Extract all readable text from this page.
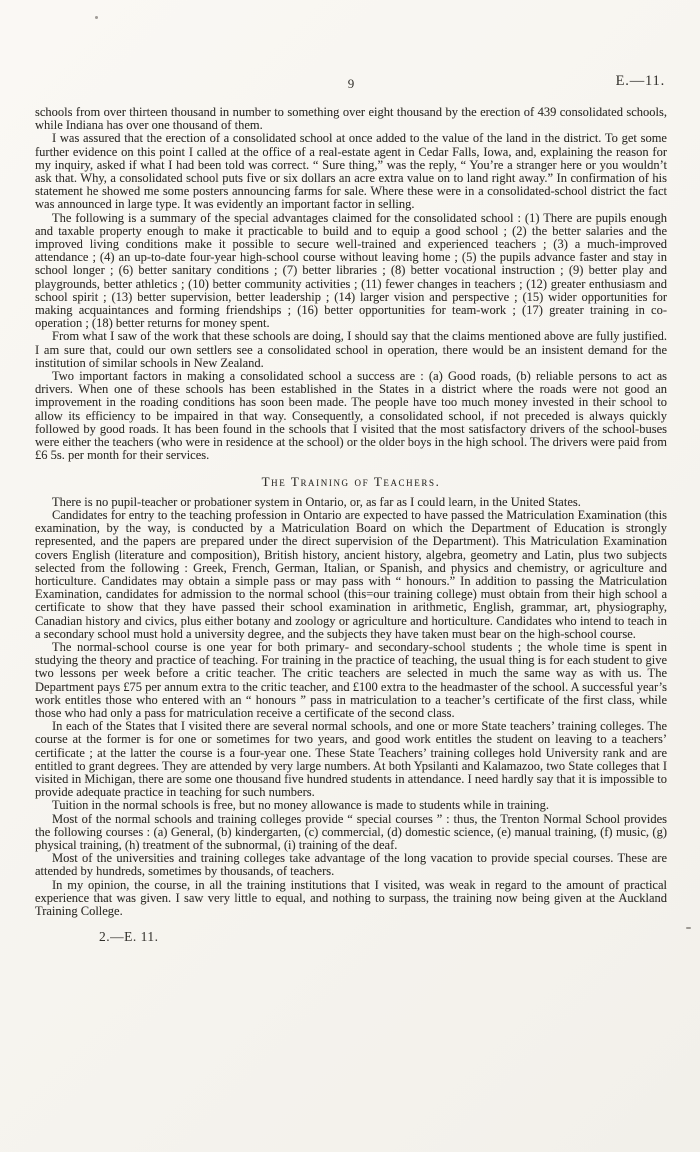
9	E.—11.

schools from over thirteen thousand in number to something over eight thousand by the erection of 439 consolidated schools, while Indiana has over one thousand of them.

I was assured that the erection of a consolidated school at once added to the value of the land in the district. To get some further evidence on this point I called at the office of a real-estate agent in Cedar Falls, Iowa, and, explaining the reason for my inquiry, asked if what I had been told was correct. “ Sure thing,” was the reply, “ You’re a stranger here or you wouldn’t ask that. Why, a consolidated school puts five or six dollars an acre extra value on to land right away.” In confirmation of his statement he showed me some posters announcing farms for sale. Where these were in a consolidated-school district the fact was announced in large type. It was evidently an important factor in selling.

The following is a summary of the special advantages claimed for the consolidated school : (1) There are pupils enough and taxable property enough to make it practicable to build and to equip a good school ; (2) the better salaries and the improved living conditions make it possible to secure well-trained and experienced teachers ; (3) a much-improved attendance ; (4) an up-to-date four-year high-school course without leaving home ; (5) the pupils advance faster and stay in school longer ; (6) better sanitary conditions ; (7) better libraries ; (8) better vocational instruction ; (9) better play and playgrounds, better athletics ; (10) better community activities ; (11) fewer changes in teachers ; (12) greater enthusiasm and school spirit ; (13) better supervision, better leadership ; (14) larger vision and perspective ; (15) wider opportunities for making acquaintances and forming friendships ; (16) better opportunities for team-work ; (17) greater training in co-operation ; (18) better returns for money spent.

From what I saw of the work that these schools are doing, I should say that the claims mentioned above are fully justified. I am sure that, could our own settlers see a consolidated school in operation, there would be an insistent demand for the institution of similar schools in New Zealand.

Two important factors in making a consolidated school a success are : (a) Good roads, (b) reliable persons to act as drivers. When one of these schools has been established in the States in a district where the roads were not good an improvement in the roading conditions has soon been made. The people have too much money invested in their school to allow its efficiency to be impaired in that way. Consequently, a consolidated school, if not preceded is always quickly followed by good roads. It has been found in the schools that I visited that the most satisfactory drivers of the school-buses were either the teachers (who were in residence at the school) or the older boys in the high school. The drivers were paid from £6 5s. per month for their services.

The Training of Teachers.

There is no pupil-teacher or probationer system in Ontario, or, as far as I could learn, in the United States.

Candidates for entry to the teaching profession in Ontario are expected to have passed the Matriculation Examination (this examination, by the way, is conducted by a Matriculation Board on which the Department of Education is strongly represented, and the papers are prepared under the direct supervision of the Department). This Matriculation Examination covers English (literature and composition), British history, ancient history, algebra, geometry and Latin, plus two subjects selected from the following : Greek, French, German, Italian, or Spanish, and physics and chemistry, or agriculture and horticulture. Candidates may obtain a simple pass or may pass with “ honours.” In addition to passing the Matriculation Examination, candidates for admission to the normal school (this=our training college) must obtain from their high school a certificate to show that they have passed their school examination in arithmetic, English, grammar, art, physiography, Canadian history and civics, plus either botany and zoology or agriculture and horticulture. Candidates who intend to teach in a secondary school must hold a university degree, and the subjects they have taken must bear on the high-school course.

The normal-school course is one year for both primary- and secondary-school students ; the whole time is spent in studying the theory and practice of teaching. For training in the practice of teaching, the usual thing is for each student to give two lessons per week before a critic teacher. The critic teachers are selected in much the same way as with us. The Department pays £75 per annum extra to the critic teacher, and £100 extra to the headmaster of the school. A successful year’s work entitles those who entered with an “ honours ” pass in matriculation to a teacher’s certificate of the first class, while those who had only a pass for matriculation receive a certificate of the second class.

In each of the States that I visited there are several normal schools, and one or more State teachers’ training colleges. The course at the former is for one or sometimes for two years, and good work entitles the student on leaving to a teachers’ certificate ; at the latter the course is a four-year one. These State Teachers’ training colleges hold University rank and are entitled to grant degrees. They are attended by very large numbers. At both Ypsilanti and Kalamazoo, two State colleges that I visited in Michigan, there are some one thousand five hundred students in attendance. I need hardly say that it is impossible to provide adequate practice in teaching for such numbers.

Tuition in the normal schools is free, but no money allowance is made to students while in training.

Most of the normal schools and training colleges provide “ special courses ” : thus, the Trenton Normal School provides the following courses : (a) General, (b) kindergarten, (c) commercial, (d) domestic science, (e) manual training, (f) music, (g) physical training, (h) treatment of the subnormal, (i) training of the deaf.

Most of the universities and training colleges take advantage of the long vacation to provide special courses. These are attended by hundreds, sometimes by thousands, of teachers.

In my opinion, the course, in all the training institutions that I visited, was weak in regard to the amount of practical experience that was given. I saw very little to equal, and nothing to surpass, the training now being given at the Auckland Training College.

2.—E. 11.
